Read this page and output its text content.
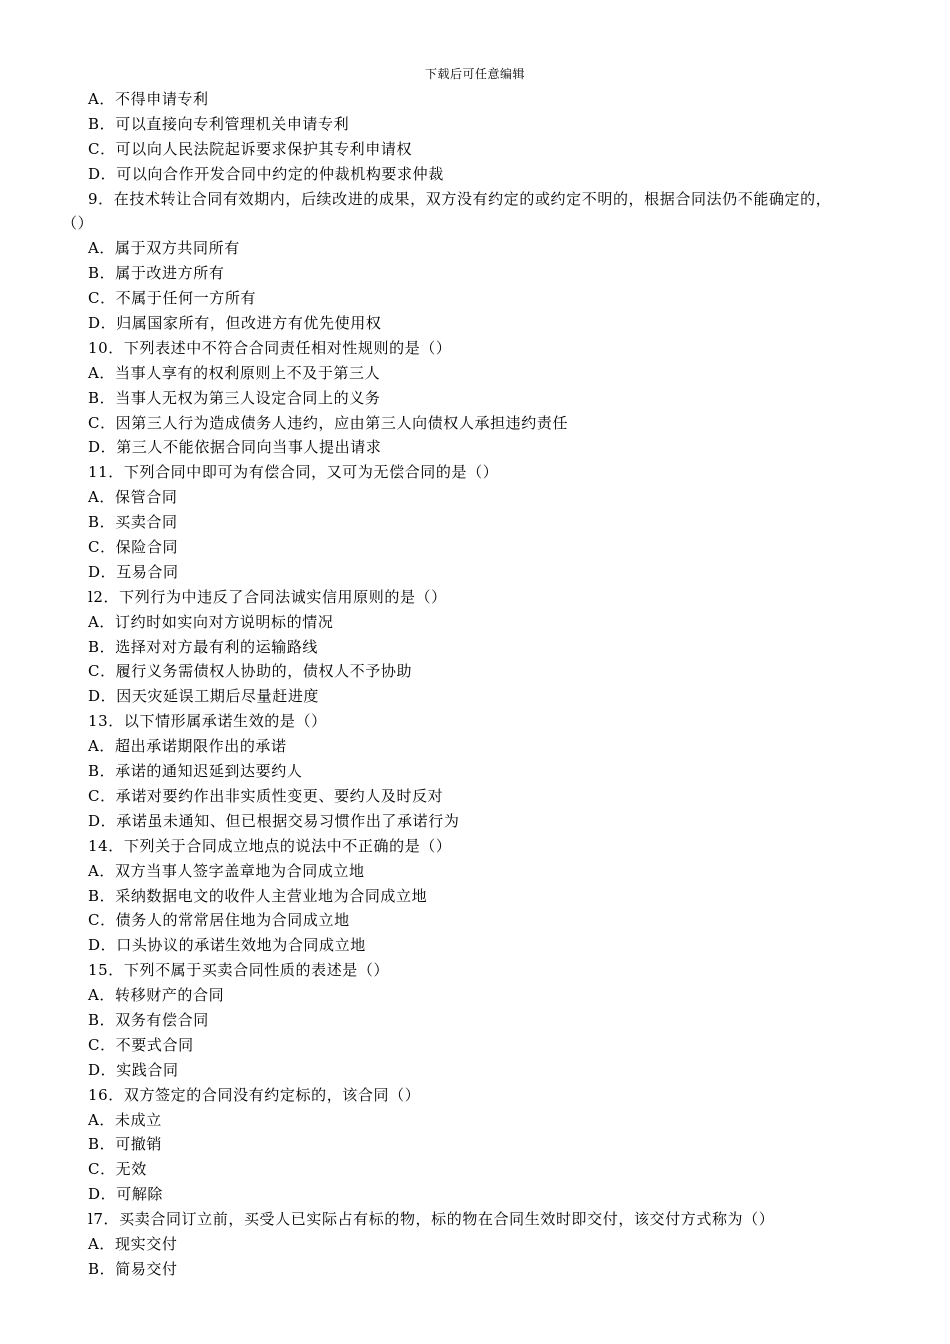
下载后可任意编辑
A．不得申请专利
B．可以直接向专利管理机关申请专利
C．可以向人民法院起诉要求保护其专利申请权
D．可以向合作开发合同中约定的仲裁机构要求仲裁
9．在技术转让合同有效期内，后续改进的成果，双方没有约定的或约定不明的，根据合同法仍不能确定的，
（）
A．属于双方共同所有
B．属于改进方所有
C．不属于任何一方所有
D．归属国家所有，但改进方有优先使用权
10．下列表述中不符合合同责任相对性规则的是（）
A．当事人享有的权利原则上不及于第三人
B．当事人无权为第三人设定合同上的义务
C．因第三人行为造成债务人违约，应由第三人向债权人承担违约责任
D．第三人不能依据合同向当事人提出请求
11．下列合同中即可为有偿合同，又可为无偿合同的是（）
A．保管合同
B．买卖合同
C．保险合同
D．互易合同
l2．下列行为中违反了合同法诚实信用原则的是（）
A．订约时如实向对方说明标的情况
B．选择对对方最有利的运输路线
C．履行义务需债权人协助的，债权人不予协助
D．因天灾延误工期后尽量赶进度
13．以下情形属承诺生效的是（）
A．超出承诺期限作出的承诺
B．承诺的通知迟延到达要约人
C．承诺对要约作出非实质性变更、要约人及时反对
D．承诺虽未通知、但已根据交易习惯作出了承诺行为
14．下列关于合同成立地点的说法中不正确的是（）
A．双方当事人签字盖章地为合同成立地
B．采纳数据电文的收件人主营业地为合同成立地
C．债务人的常常居住地为合同成立地
D．口头协议的承诺生效地为合同成立地
15．下列不属于买卖合同性质的表述是（）
A．转移财产的合同
B．双务有偿合同
C．不要式合同
D．实践合同
16．双方签定的合同没有约定标的，该合同（）
A．未成立
B．可撤销
C．无效
D．可解除
l7．买卖合同订立前，买受人已实际占有标的物，标的物在合同生效时即交付，该交付方式称为（）
A．现实交付
B．简易交付
